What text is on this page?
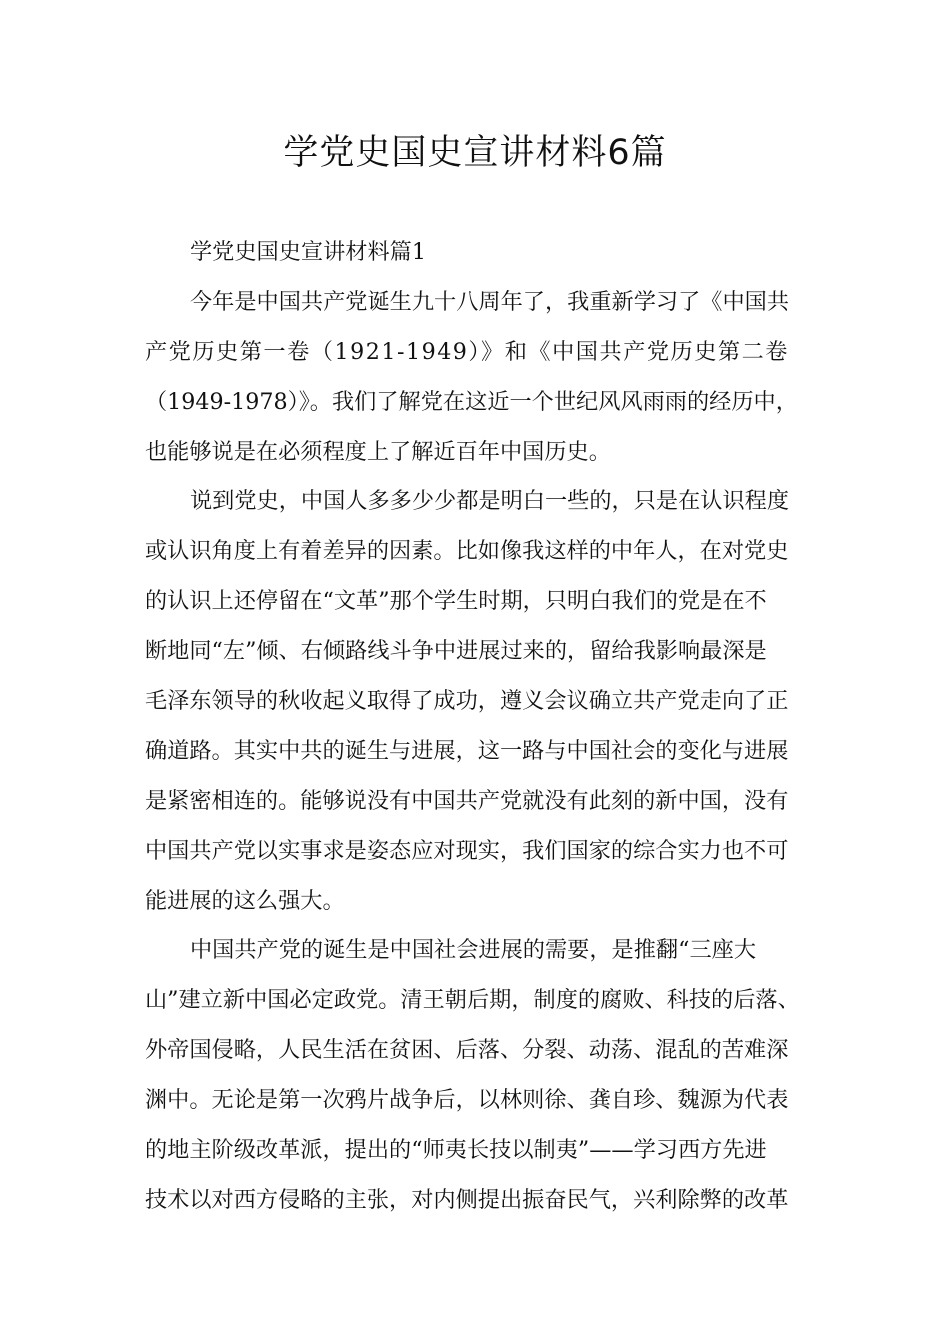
学党史国史宣讲材料6篇
学党史国史宣讲材料篇1
今年是中国共产党诞生九十八周年了，我重新学习了《中国共
产党历史第一卷（1921-1949）》和《中国共产党历史第二卷
（1949-1978）》。我们了解党在这近一个世纪风风雨雨的经历中，
也能够说是在必须程度上了解近百年中国历史。
说到党史，中国人多多少少都是明白一些的，只是在认识程度
或认识角度上有着差异的因素。比如像我这样的中年人，在对党史
的认识上还停留在“文革”那个学生时期，只明白我们的党是在不
断地同“左”倾、右倾路线斗争中进展过来的，留给我影响最深是
毛泽东领导的秋收起义取得了成功，遵义会议确立共产党走向了正
确道路。其实中共的诞生与进展，这一路与中国社会的变化与进展
是紧密相连的。能够说没有中国共产党就没有此刻的新中国，没有
中国共产党以实事求是姿态应对现实，我们国家的综合实力也不可
能进展的这么强大。
中国共产党的诞生是中国社会进展的需要，是推翻“三座大
山”建立新中国必定政党。清王朝后期，制度的腐败、科技的后落、
外帝国侵略，人民生活在贫困、后落、分裂、动荡、混乱的苦难深
渊中。无论是第一次鸦片战争后，以林则徐、龚自珍、魏源为代表
的地主阶级改革派，提出的“师夷长技以制夷”——学习西方先进
技术以对西方侵略的主张，对内侧提出振奋民气，兴利除弊的改革
